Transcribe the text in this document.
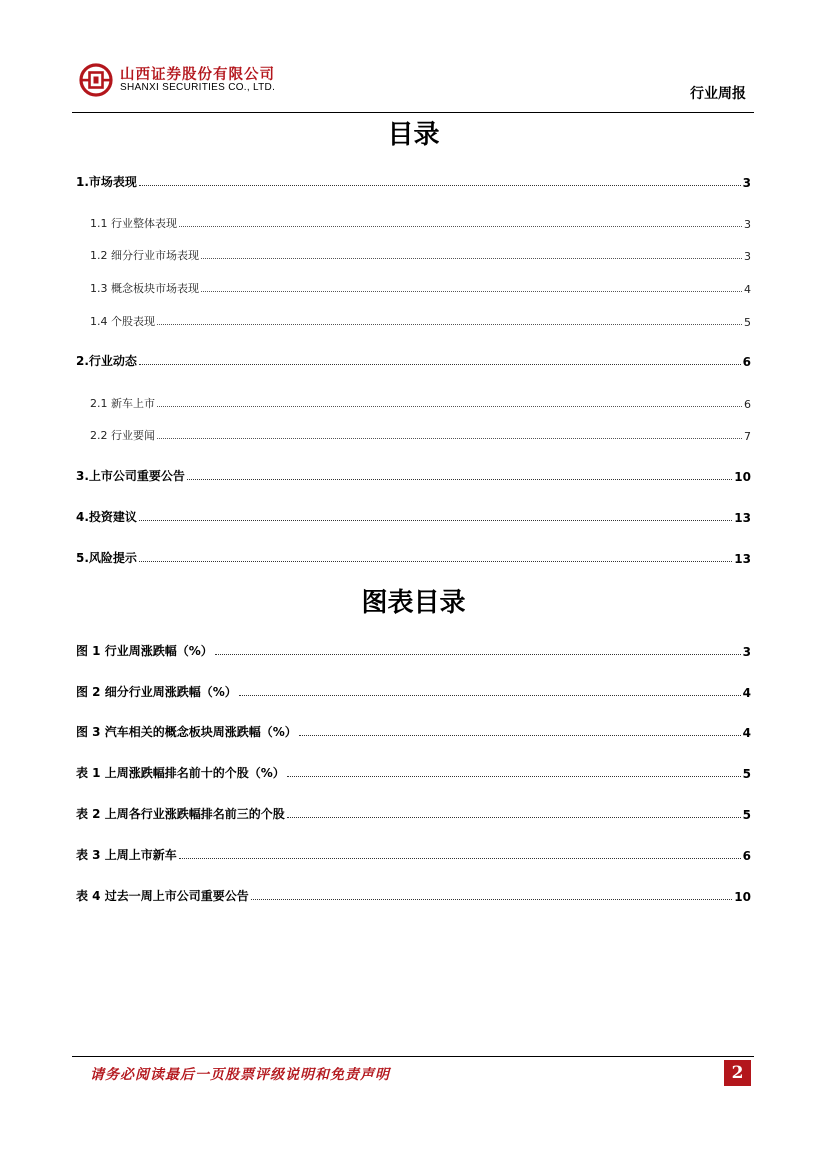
山西证券股份有限公司
SHANXI SECURITIES CO., LTD.	行业周报
目录
1.市场表现	3
1.1 行业整体表现	3
1.2 细分行业市场表现	3
1.3 概念板块市场表现	4
1.4 个股表现	5
2.行业动态	6
2.1 新车上市	6
2.2 行业要闻	7
3.上市公司重要公告	10
4.投资建议	13
5.风险提示	13
图表目录
图 1 行业周涨跌幅（%）	3
图 2 细分行业周涨跌幅（%）	4
图 3 汽车相关的概念板块周涨跌幅（%）	4
表 1 上周涨跌幅排名前十的个股（%）	5
表 2 上周各行业涨跌幅排名前三的个股	5
表 3 上周上市新车	6
表 4 过去一周上市公司重要公告	10
请务必阅读最后一页股票评级说明和免责声明	2
